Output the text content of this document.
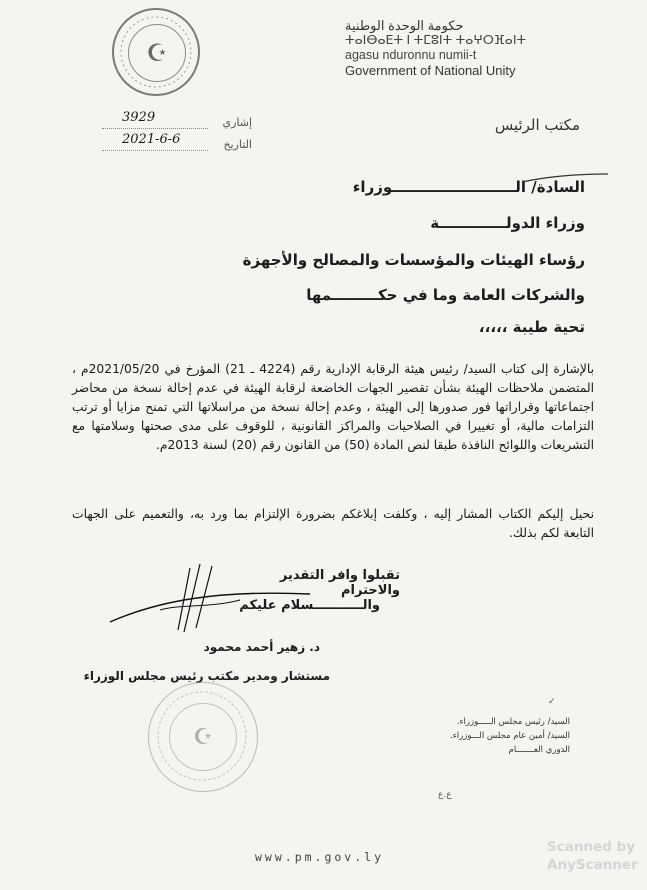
☪
حكومة الوحدة الوطنية
ⵜⴰⵏⴱⴰⴹⵜ ⵏ ⵜⵎⵓⵏⵜ ⵜⴰⵖⵔⴼⴰⵏⵜ
agasu nduronnu numii-t
Government of National Unity
مكتب الرئيس
3929	إشاري
2021-6-6	التاريخ
السادة/ الــــــــــــــــــــــــوزراء
وزراء الدولـــــــــــــة
رؤساء الهيئات والمؤسسات والمصالح والأجهزة
والشركات العامة وما في حكـــــــــمها
تحية طيبة ،،،،،
بالإشارة إلى كتاب السيد/ رئيس هيئة الرقابة الإدارية رقم (4224 ـ 21) المؤرخ في 2021/05/20م ، المتضمن ملاحظات الهيئة بشأن تقصير الجهات الخاضعة لرقابة الهيئة في عدم إحالة نسخة من محاضر اجتماعاتها وقراراتها فور صدورها إلى الهيئة ، وعدم إحالة نسخة من مراسلاتها التي تمنح مزايا أو ترتب التزامات مالية، أو تغييرا في الصلاحيات والمراكز القانونية ، للوقوف على مدى صحتها وسلامتها مع التشريعات واللوائح النافذة طبقا لنص المادة (50) من القانون رقم (20) لسنة 2013م.
نحيل إليكم الكتاب المشار إليه ، وكلفت إبلاغكم بضرورة الإلتزام بما ورد به، والتعميم على الجهات التابعة لكم بذلك.
تقبلوا وافر التقدير والاحترام
والـــــــــــسلام عليكم
د. زهير أحمد محمود
مستشار ومدير مكتب رئيس مجلس الوزراء
☪
✓
السيد/ رئيس مجلس الـــــوزراء.
السيد/ أمين عام مجلس الـــوزراء.
الدوري العـــــــام
ع.ع
www.pm.gov.ly
Scanned by
AnyScanner
